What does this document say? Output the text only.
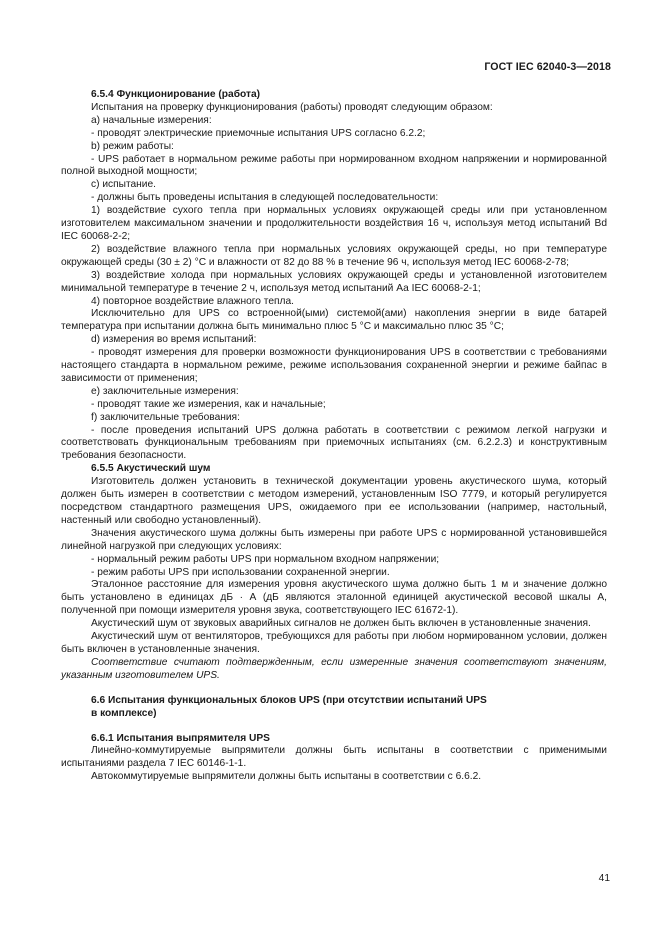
ГОСТ IEC 62040-3—2018
6.5.4 Функционирование (работа)
Испытания на проверку функционирования (работы) проводят следующим образом:
a) начальные измерения:
- проводят электрические приемочные испытания UPS согласно 6.2.2;
b) режим работы:
- UPS работает в нормальном режиме работы при нормированном входном напряжении и нормированной полной выходной мощности;
c) испытание.
- должны быть проведены испытания в следующей последовательности:
1) воздействие сухого тепла при нормальных условиях окружающей среды или при установленном изготовителем максимальном значении и продолжительности воздействия 16 ч, используя метод испытаний Bd IEC 60068-2-2;
2) воздействие влажного тепла при нормальных условиях окружающей среды, но при температуре окружающей среды (30 ± 2) °С и влажности от 82 до 88 % в течение 96 ч, используя метод IEC 60068-2-78;
3) воздействие холода при нормальных условиях окружающей среды и установленной изготовителем минимальной температуре в течение 2 ч, используя метод испытаний Аа IEC 60068-2-1;
4) повторное воздействие влажного тепла.
Исключительно для UPS со встроенной(ыми) системой(ами) накопления энергии в виде батарей температура при испытании должна быть минимально плюс 5 °С и максимально плюс 35 °С;
d) измерения во время испытаний:
- проводят измерения для проверки возможности функционирования UPS в соответствии с требованиями настоящего стандарта в нормальном режиме, режиме использования сохраненной энергии и режиме байпас в зависимости от применения;
e) заключительные измерения:
- проводят такие же измерения, как и начальные;
f) заключительные требования:
- после проведения испытаний UPS должна работать в соответствии с режимом легкой нагрузки и соответствовать функциональным требованиям при приемочных испытаниях (см. 6.2.2.3) и конструктивным требования безопасности.
6.5.5 Акустический шум
Изготовитель должен установить в технической документации уровень акустического шума, который должен быть измерен в соответствии с методом измерений, установленным ISO 7779, и который регулируется посредством стандартного размещения UPS, ожидаемого при ее использовании (например, настольный, настенный или свободно установленный).
Значения акустического шума должны быть измерены при работе UPS с нормированной установившейся линейной нагрузкой при следующих условиях:
- нормальный режим работы UPS при нормальном входном напряжении;
- режим работы UPS при использовании сохраненной энергии.
Эталонное расстояние для измерения уровня акустического шума должно быть 1 м и значение должно быть установлено в единицах дБ · А (дБ являются эталонной единицей акустической весовой шкалы А, полученной при помощи измерителя уровня звука, соответствующего IEC 61672-1).
Акустический шум от звуковых аварийных сигналов не должен быть включен в установленные значения.
Акустический шум от вентиляторов, требующихся для работы при любом нормированном условии, должен быть включен в установленные значения.
Соответствие считают подтвержденным, если измеренные значения соответствуют значениям, указанным изготовителем UPS.
6.6 Испытания функциональных блоков UPS (при отсутствии испытаний UPS
в комплексе)
6.6.1 Испытания выпрямителя UPS
Линейно-коммутируемые выпрямители должны быть испытаны в соответствии с применимыми испытаниями раздела 7 IEC 60146-1-1.
Автокоммутируемые выпрямители должны быть испытаны в соответствии с 6.6.2.
41
